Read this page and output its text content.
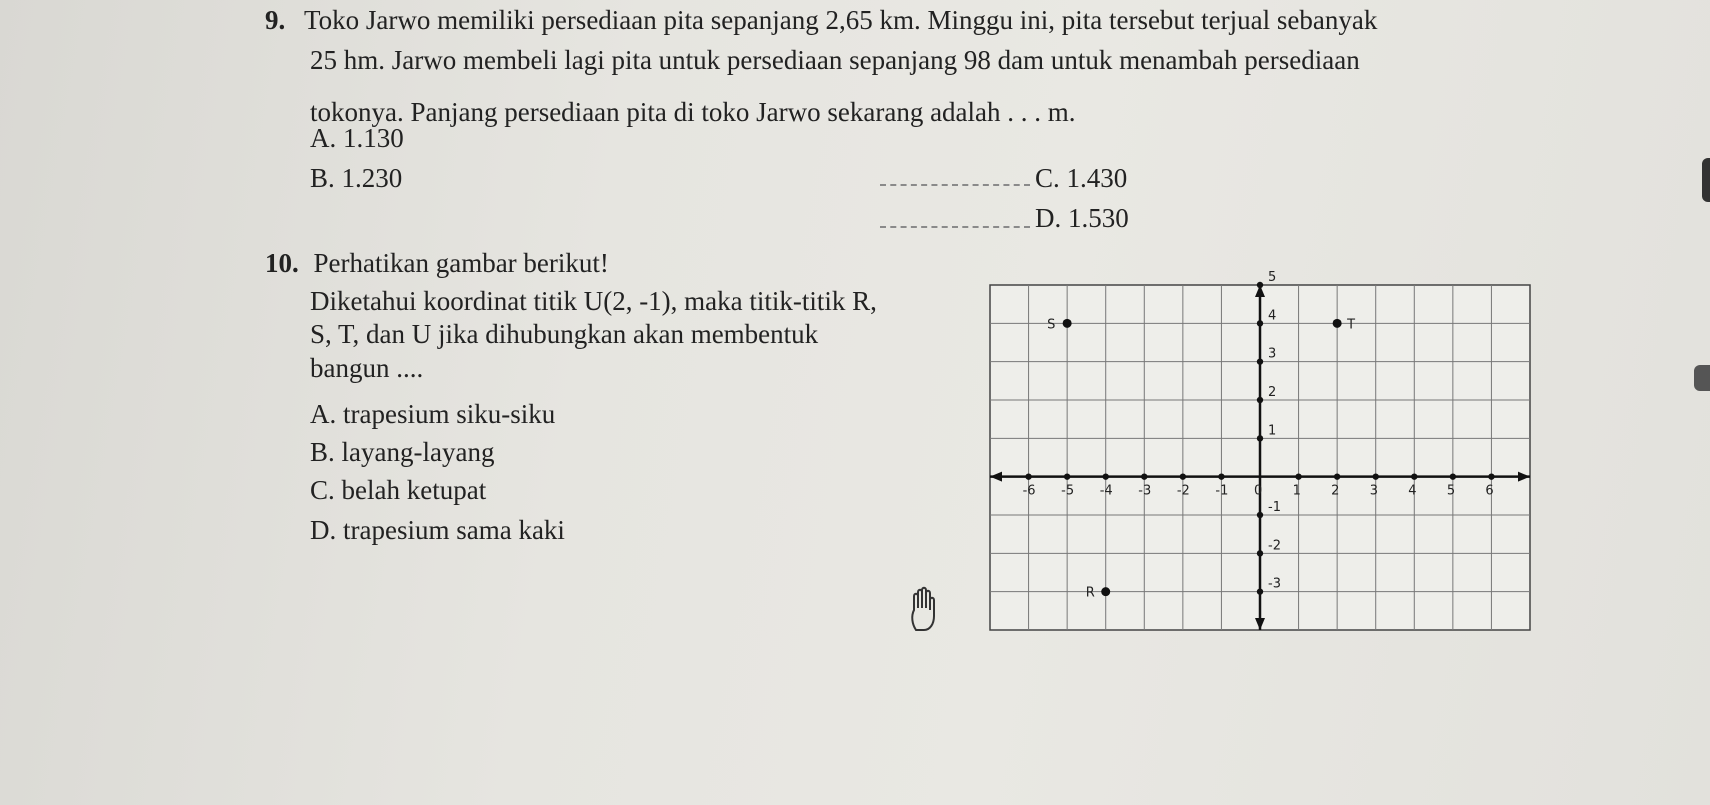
9. Toko Jarwo memiliki persediaan pita sepanjang 2,65 km. Minggu ini, pita tersebut terjual sebanyak
25 hm. Jarwo membeli lagi pita untuk persediaan sepanjang 98 dam untuk menambah persediaan
tokonya. Panjang persediaan pita di toko Jarwo sekarang adalah . . . m.
A. 1.130
B. 1.230	C. 1.430
D. 1.530
10. Perhatikan gambar berikut!
Diketahui koordinat titik U(2, -1), maka titik-titik R,
S, T, dan U jika dihubungkan akan membentuk
bangun ....
A. trapesium siku-siku
B. layang-layang
C. belah ketupat
D. trapesium sama kaki
-6 -5 -4 -3 -2 -1 0 1 2 3 4 5 6
5
4
3
2
1
-1
-2
-3
S	T
R
